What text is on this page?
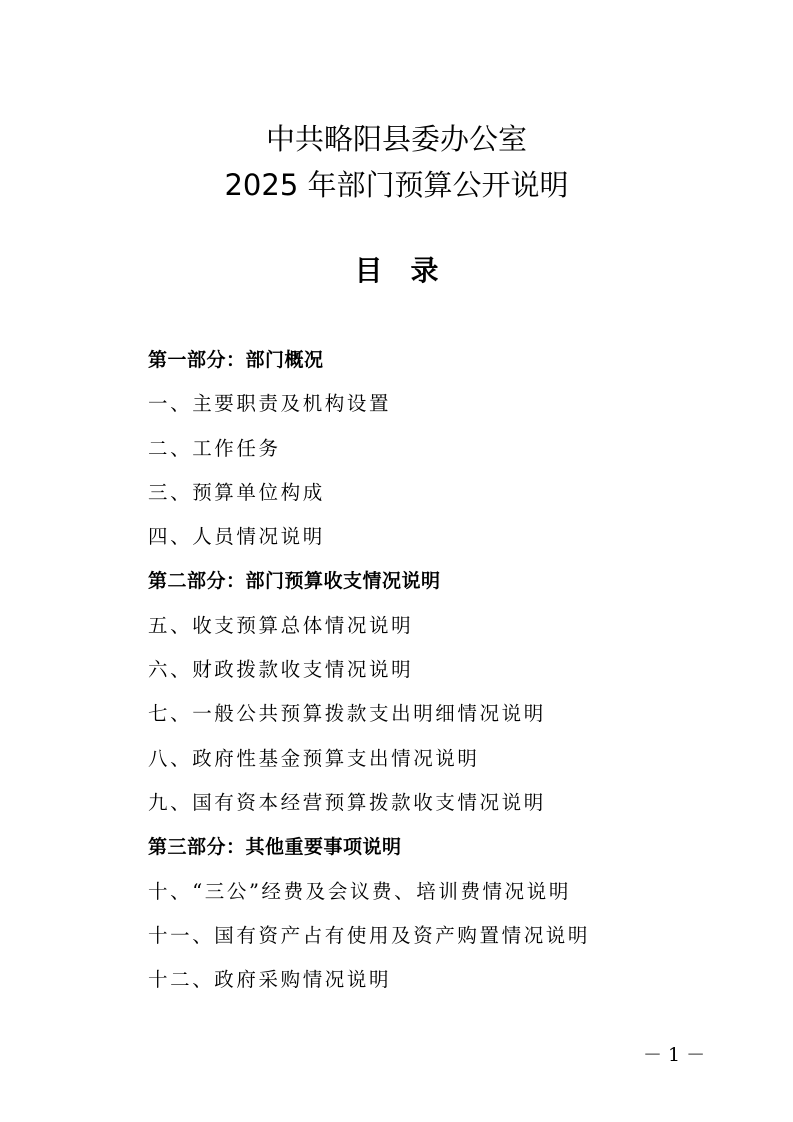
中共略阳县委办公室
2025 年部门预算公开说明
目录
第一部分：部门概况
一、主要职责及机构设置
二、工作任务
三、预算单位构成
四、人员情况说明
第二部分：部门预算收支情况说明
五、收支预算总体情况说明
六、财政拨款收支情况说明
七、一般公共预算拨款支出明细情况说明
八、政府性基金预算支出情况说明
九、国有资本经营预算拨款收支情况说明
第三部分：其他重要事项说明
十、“三公”经费及会议费、培训费情况说明
十一、国有资产占有使用及资产购置情况说明
十二、政府采购情况说明
－ 1 －
